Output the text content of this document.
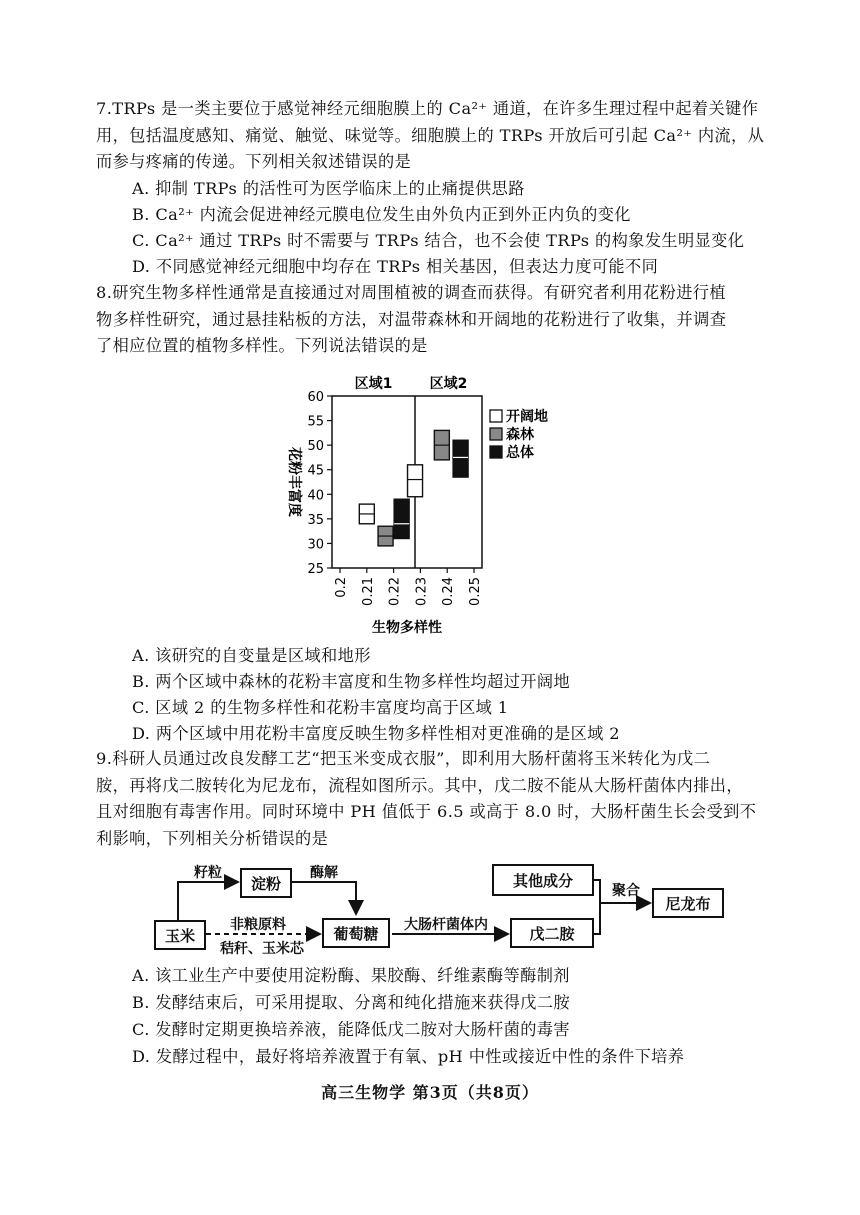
7.TRPs 是一类主要位于感觉神经元细胞膜上的 Ca²⁺ 通道，在许多生理过程中起着关键作
用，包括温度感知、痛觉、触觉、味觉等。细胞膜上的 TRPs 开放后可引起 Ca²⁺ 内流，从
而参与疼痛的传递。下列相关叙述错误的是
A. 抑制 TRPs 的活性可为医学临床上的止痛提供思路
B. Ca²⁺ 内流会促进神经元膜电位发生由外负内正到外正内负的变化
C. Ca²⁺ 通过 TRPs 时不需要与 TRPs 结合，也不会使 TRPs 的构象发生明显变化
D. 不同感觉神经元细胞中均存在 TRPs 相关基因，但表达力度可能不同
8.研究生物多样性通常是直接通过对周围植被的调查而获得。有研究者利用花粉进行植
物多样性研究，通过悬挂粘板的方法，对温带森林和开阔地的花粉进行了收集，并调查
了相应位置的植物多样性。下列说法错误的是
区域1	区域2
25
30
35
40
45
50
55
60
0.2 0.21 0.22 0.23 0.24 0.25
花粉丰富度
生物多样性
开阔地
森林
总体
A. 该研究的自变量是区域和地形
B. 两个区域中森林的花粉丰富度和生物多样性均超过开阔地
C. 区域 2 的生物多样性和花粉丰富度均高于区域 1
D. 两个区域中用花粉丰富度反映生物多样性相对更准确的是区域 2
9.科研人员通过改良发酵工艺“把玉米变成衣服”，即利用大肠杆菌将玉米转化为戊二
胺，再将戊二胺转化为尼龙布，流程如图所示。其中，戊二胺不能从大肠杆菌体内排出，
且对细胞有毒害作用。同时环境中 PH 值低于 6.5 或高于 8.0 时，大肠杆菌生长会受到不
利影响，下列相关分析错误的是
玉米
淀粉
葡萄糖	戊二胺
其他成分
尼龙布
籽粒	酶解
非粮原料
秸秆、玉米芯
大肠杆菌体内
聚合
A. 该工业生产中要使用淀粉酶、果胶酶、纤维素酶等酶制剂
B. 发酵结束后，可采用提取、分离和纯化措施来获得戊二胺
C. 发酵时定期更换培养液，能降低戊二胺对大肠杆菌的毒害
D. 发酵过程中，最好将培养液置于有氧、pH 中性或接近中性的条件下培养
高三生物学 第3页（共8页）
